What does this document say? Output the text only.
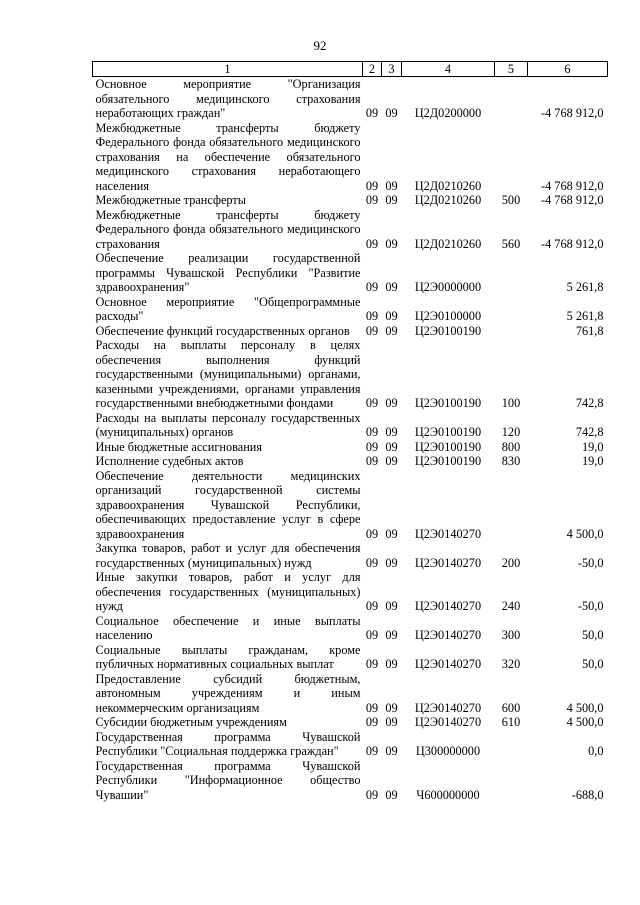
92
1	2	3	4	5	6
Основное мероприятие "Организация обязательного медицинского страхования неработающих граждан"	09	09	Ц2Д0200000		-4 768 912,0
Межбюджетные трансферты бюджету Федерального фонда обязательного медицинского страхования на обеспечение обязательного медицинского страхования неработающего населения	09	09	Ц2Д0210260		-4 768 912,0
Межбюджетные трансферты	09	09	Ц2Д0210260	500	-4 768 912,0
Межбюджетные трансферты бюджету Федерального фонда обязательного медицинского страхования	09	09	Ц2Д0210260	560	-4 768 912,0
Обеспечение реализации государственной программы Чувашской Республики "Развитие здравоохранения"	09	09	Ц2Э0000000		5 261,8
Основное мероприятие "Общепрограммные расходы"	09	09	Ц2Э0100000		5 261,8
Обеспечение функций государственных органов	09	09	Ц2Э0100190		761,8
Расходы на выплаты персоналу в целях обеспечения выполнения функций государственными (муниципальными) органами, казенными учреждениями, органами управления государственными внебюджетными фондами	09	09	Ц2Э0100190	100	742,8
Расходы на выплаты персоналу государственных (муниципальных) органов	09	09	Ц2Э0100190	120	742,8
Иные бюджетные ассигнования	09	09	Ц2Э0100190	800	19,0
Исполнение судебных актов	09	09	Ц2Э0100190	830	19,0
Обеспечение деятельности медицинских организаций государственной системы здравоохранения Чувашской Республики, обеспечивающих предоставление услуг в сфере здравоохранения	09	09	Ц2Э0140270		4 500,0
Закупка товаров, работ и услуг для обеспечения государственных (муниципальных) нужд	09	09	Ц2Э0140270	200	-50,0
Иные закупки товаров, работ и услуг для обеспечения государственных (муниципальных) нужд	09	09	Ц2Э0140270	240	-50,0
Социальное обеспечение и иные выплаты населению	09	09	Ц2Э0140270	300	50,0
Социальные выплаты гражданам, кроме публичных нормативных социальных выплат	09	09	Ц2Э0140270	320	50,0
Предоставление субсидий бюджетным, автономным учреждениям и иным некоммерческим организациям	09	09	Ц2Э0140270	600	4 500,0
Субсидии бюджетным учреждениям	09	09	Ц2Э0140270	610	4 500,0
Государственная программа Чувашской Республики "Социальная поддержка граждан"	09	09	Ц300000000		0,0
Государственная программа Чувашской Республики "Информационное общество Чувашии"	09	09	Ч600000000		-688,0
